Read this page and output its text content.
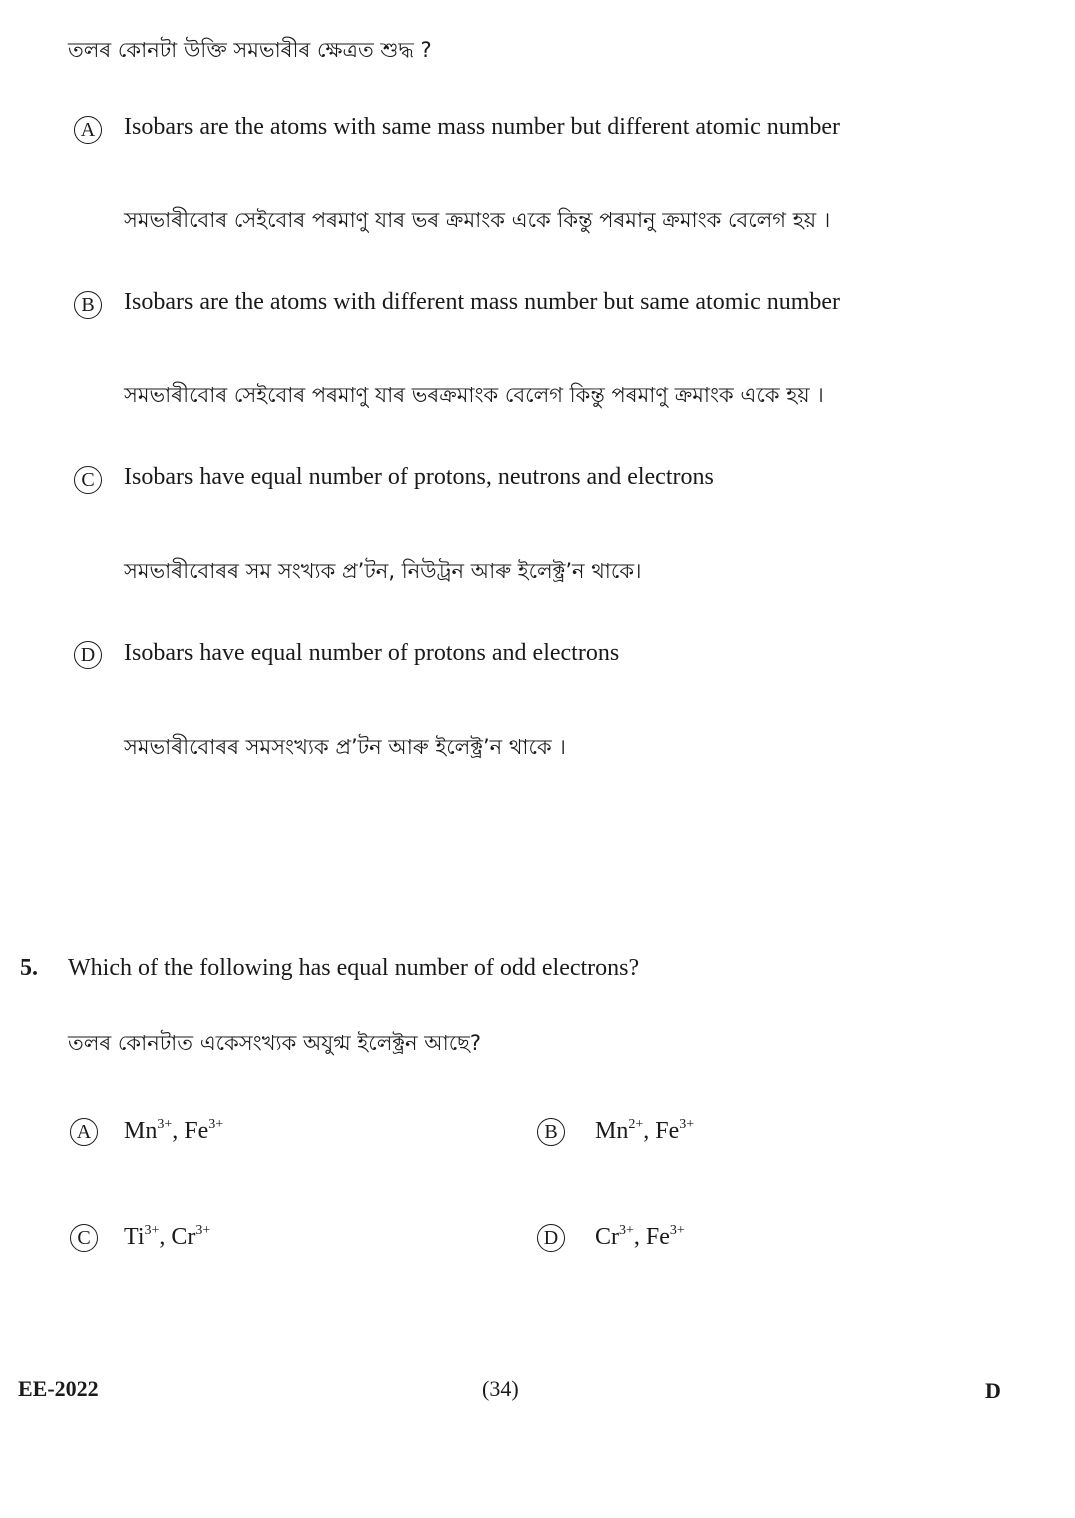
তলৰ কোনটা উক্তি সমভাৰীৰ ক্ষেত্ৰত শুদ্ধ ?
A Isobars are the atoms with same mass number but different atomic number
সমভাৰীবোৰ সেইবোৰ পৰমাণু যাৰ ভৰ ক্ৰমাংক একে কিন্তু পৰমানু ক্ৰমাংক বেলেগ হয় ।
B	Isobars are the atoms with different mass number but same atomic number
সমভাৰীবোৰ সেইবোৰ পৰমাণু যাৰ ভৰক্ৰমাংক বেলেগ কিন্তু পৰমাণু ক্ৰমাংক একে হয় ।
C	Isobars have equal number of protons, neutrons and electrons
সমভাৰীবোৰৰ সম সংখ্যক প্ৰ’টন, নিউট্ৰন আৰু ইলেক্ট্ৰ’ন থাকে।
D Isobars have equal number of protons and electrons
সমভাৰীবোৰৰ সমসংখ্যক প্ৰ’টন আৰু ইলেক্ট্ৰ’ন থাকে ।
5. Which of the following has equal number of odd electrons?
তলৰ কোনটাত একেসংখ্যক অযুগ্ম ইলেক্ট্ৰন আছে?
A $Mn^{3+}$, $Fe^{3+}$	B	$Mn^{2+}$, $Fe^{3+}$
C	$Ti^{3+}$, $Cr^{3+}$	D $Cr^{3+}$, $Fe^{3+}$
EE-2022	(34)	D
